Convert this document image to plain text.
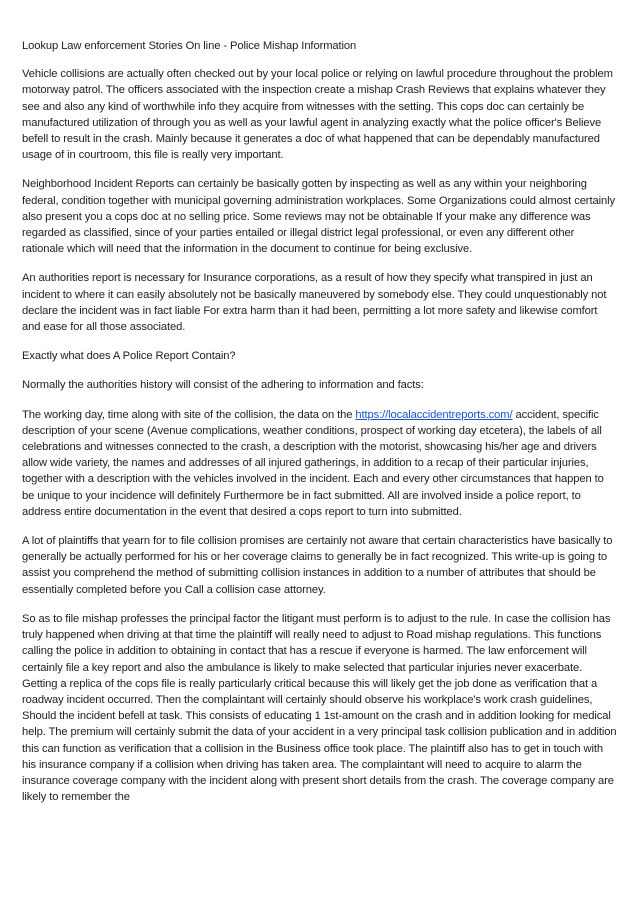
Lookup Law enforcement Stories On line - Police Mishap Information

Vehicle collisions are actually often checked out by your local police or relying on lawful procedure throughout the problem motorway patrol. The officers associated with the inspection create a mishap Crash Reviews that explains whatever they see and also any kind of worthwhile info they acquire from witnesses with the setting. This cops doc can certainly be manufactured utilization of through you as well as your lawful agent in analyzing exactly what the police officer's Believe befell to result in the crash. Mainly because it generates a doc of what happened that can be dependably manufactured usage of in courtroom, this file is really very important.

Neighborhood Incident Reports can certainly be basically gotten by inspecting as well as any within your neighboring federal, condition together with municipal governing administration workplaces. Some Organizations could almost certainly also present you a cops doc at no selling price. Some reviews may not be obtainable If your make any difference was regarded as classified, since of your parties entailed or illegal district legal professional, or even any different other rationale which will need that the information in the document to continue for being exclusive.

An authorities report is necessary for Insurance corporations, as a result of how they specify what transpired in just an incident to where it can easily absolutely not be basically maneuvered by somebody else. They could unquestionably not declare the incident was in fact liable For extra harm than it had been, permitting a lot more safety and likewise comfort and ease for all those associated.

Exactly what does A Police Report Contain?

Normally the authorities history will consist of the adhering to information and facts:

The working day, time along with site of the collision, the data on the https://localaccidentreports.com/ accident, specific description of your scene (Avenue complications, weather conditions, prospect of working day etcetera), the labels of all celebrations and witnesses connected to the crash, a description with the motorist, showcasing his/her age and drivers allow wide variety, the names and addresses of all injured gatherings, in addition to a recap of their particular injuries, together with a description with the vehicles involved in the incident. Each and every other circumstances that happen to be unique to your incidence will definitely Furthermore be in fact submitted. All are involved inside a police report, to address entire documentation in the event that desired a cops report to turn into submitted.

A lot of plaintiffs that yearn for to file collision promises are certainly not aware that certain characteristics have basically to generally be actually performed for his or her coverage claims to generally be in fact recognized. This write-up is going to assist you comprehend the method of submitting collision instances in addition to a number of attributes that should be essentially completed before you Call a collision case attorney.

So as to file mishap professes the principal factor the litigant must perform is to adjust to the rule. In case the collision has truly happened when driving at that time the plaintiff will really need to adjust to Road mishap regulations. This functions calling the police in addition to obtaining in contact that has a rescue if everyone is harmed. The law enforcement will certainly file a key report and also the ambulance is likely to make selected that particular injuries never exacerbate. Getting a replica of the cops file is really particularly critical because this will likely get the job done as verification that a roadway incident occurred. Then the complaintant will certainly should observe his workplace's work crash guidelines, Should the incident befell at task. This consists of educating 1 1st-amount on the crash and in addition looking for medical help. The premium will certainly submit the data of your accident in a very principal task collision publication and in addition this can function as verification that a collision in the Business office took place. The plaintiff also has to get in touch with his insurance company if a collision when driving has taken area. The complaintant will need to acquire to alarm the insurance coverage company with the incident along with present short details from the crash. The coverage company are likely to remember the
